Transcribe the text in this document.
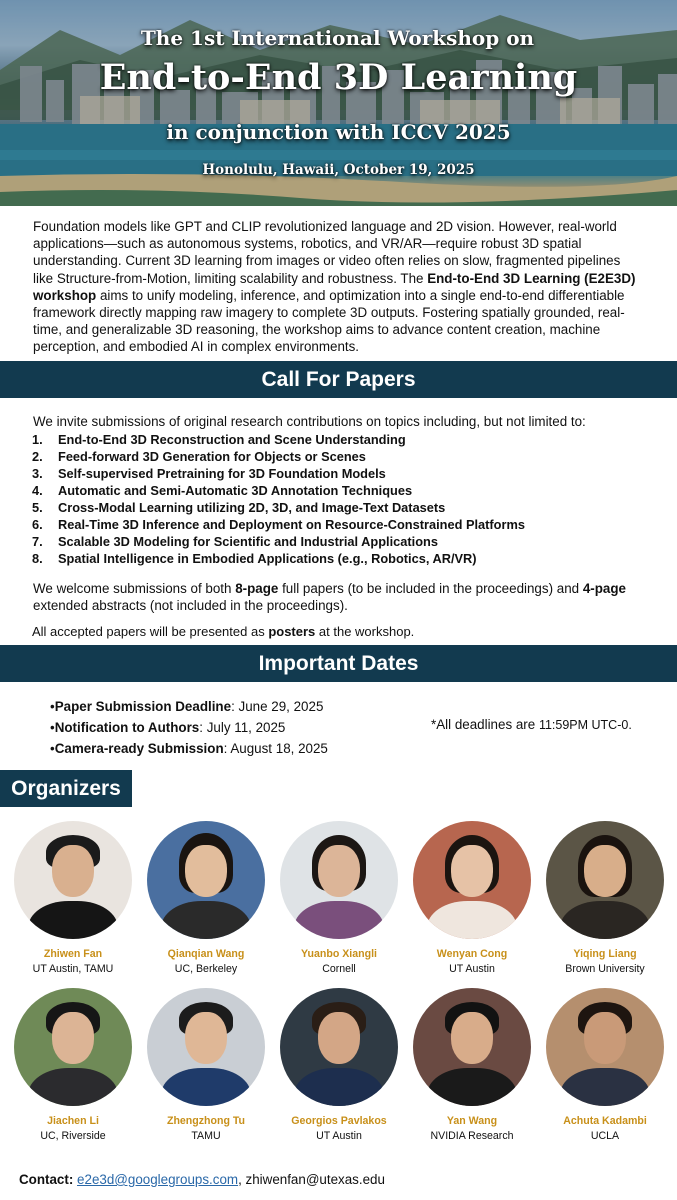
The 1st International Workshop on
End-to-End 3D Learning
in conjunction with ICCV 2025
Honolulu, Hawaii, October 19, 2025

Foundation models like GPT and CLIP revolutionized language and 2D vision. However, real-world applications—such as autonomous systems, robotics, and VR/AR—require robust 3D spatial understanding. Current 3D learning from images or video often relies on slow, fragmented pipelines like Structure-from-Motion, limiting scalability and robustness. The End-to-End 3D Learning (E2E3D) workshop aims to unify modeling, inference, and optimization into a single end-to-end differentiable framework directly mapping raw imagery to complete 3D outputs. Fostering spatially grounded, real-time, and generalizable 3D reasoning, the workshop aims to advance content creation, machine perception, and embodied AI in complex environments.

Call For Papers

We invite submissions of original research contributions on topics including, but not limited to:

1. End-to-End 3D Reconstruction and Scene Understanding
2. Feed-forward 3D Generation for Objects or Scenes
3. Self-supervised Pretraining for 3D Foundation Models
4. Automatic and Semi-Automatic 3D Annotation Techniques
5. Cross-Modal Learning utilizing 2D, 3D, and Image-Text Datasets
6. Real-Time 3D Inference and Deployment on Resource-Constrained Platforms
7. Scalable 3D Modeling for Scientific and Industrial Applications
8. Spatial Intelligence in Embodied Applications (e.g., Robotics, AR/VR)

We welcome submissions of both 8-page full papers (to be included in the proceedings) and 4-page extended abstracts (not included in the proceedings).

All accepted papers will be presented as posters at the workshop.

Important Dates
•Paper Submission Deadline: June 29, 2025
•Notification to Authors: July 11, 2025
•Camera-ready Submission: August 18, 2025
*All deadlines are 11:59PM UTC-0.
Organizers
Zhiwen Fan
UT Austin, TAMU
Qianqian Wang
UC, Berkeley
Yuanbo Xiangli
Cornell
Wenyan Cong
UT Austin
Yiqing Liang
Brown University
Jiachen Li
UC, Riverside
Zhengzhong Tu
TAMU
Georgios Pavlakos
UT Austin
Yan Wang
NVIDIA Research
Achuta Kadambi
UCLA
Contact: e2e3d@googlegroups.com, zhiwenfan@utexas.edu
